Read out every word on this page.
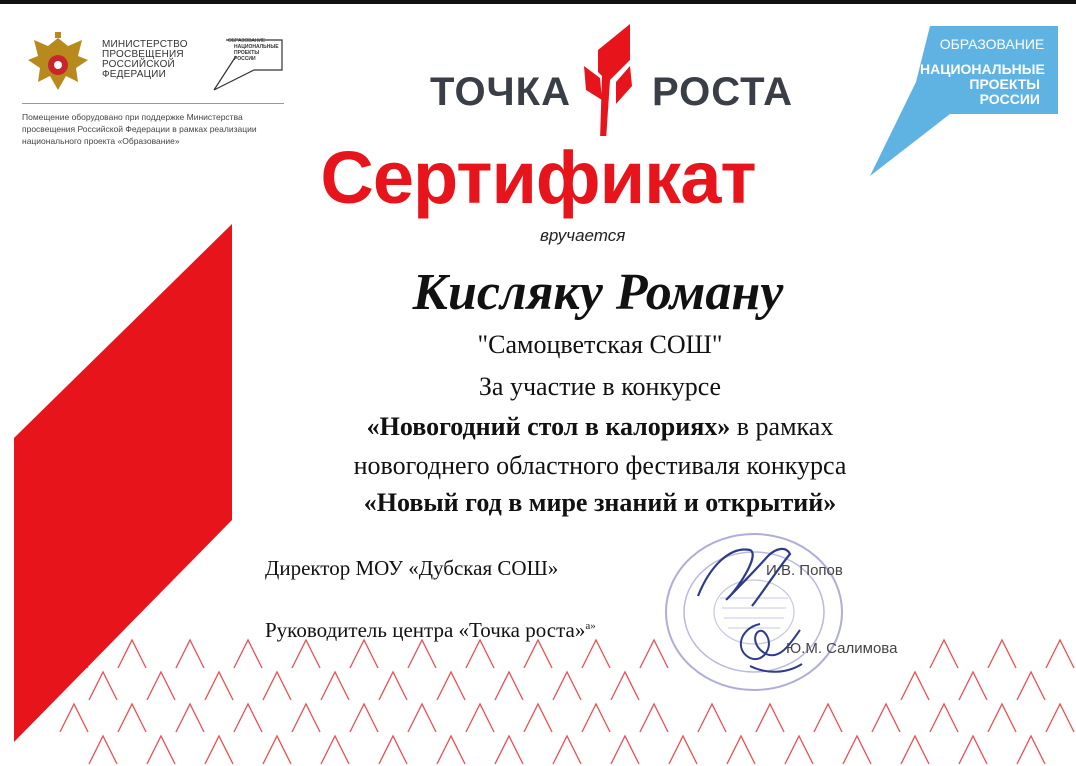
МИНИСТЕРСТВО
ПРОСВЕЩЕНИЯ
РОССИЙСКОЙ
ФЕДЕРАЦИИ
ОБРАЗОВАНИЕ
НАЦИОНАЛЬНЫЕ
ПРОЕКТЫ
РОССИИ
Помещение оборудовано при поддержке Министерства просвещения Российской Федерации в рамках реализации национального проекта «Образование»
ТОЧКА РОСТА
ОБРАЗОВАНИЕ
НАЦИОНАЛЬНЫЕ
ПРОЕКТЫ
РОССИИ
Сертификат
вручается
Кисляку Роману
"Самоцветская СОШ"
За участие в конкурсе
«Новогодний стол в калориях» в рамках
новогоднего областного фестиваля конкурса
«Новый год в мире знаний и открытий»
Директор МОУ «Дубская СОШ»	И.В. Попов
Руководитель центра «Точка роста»$^{а»}$
Ю.М. Салимова
